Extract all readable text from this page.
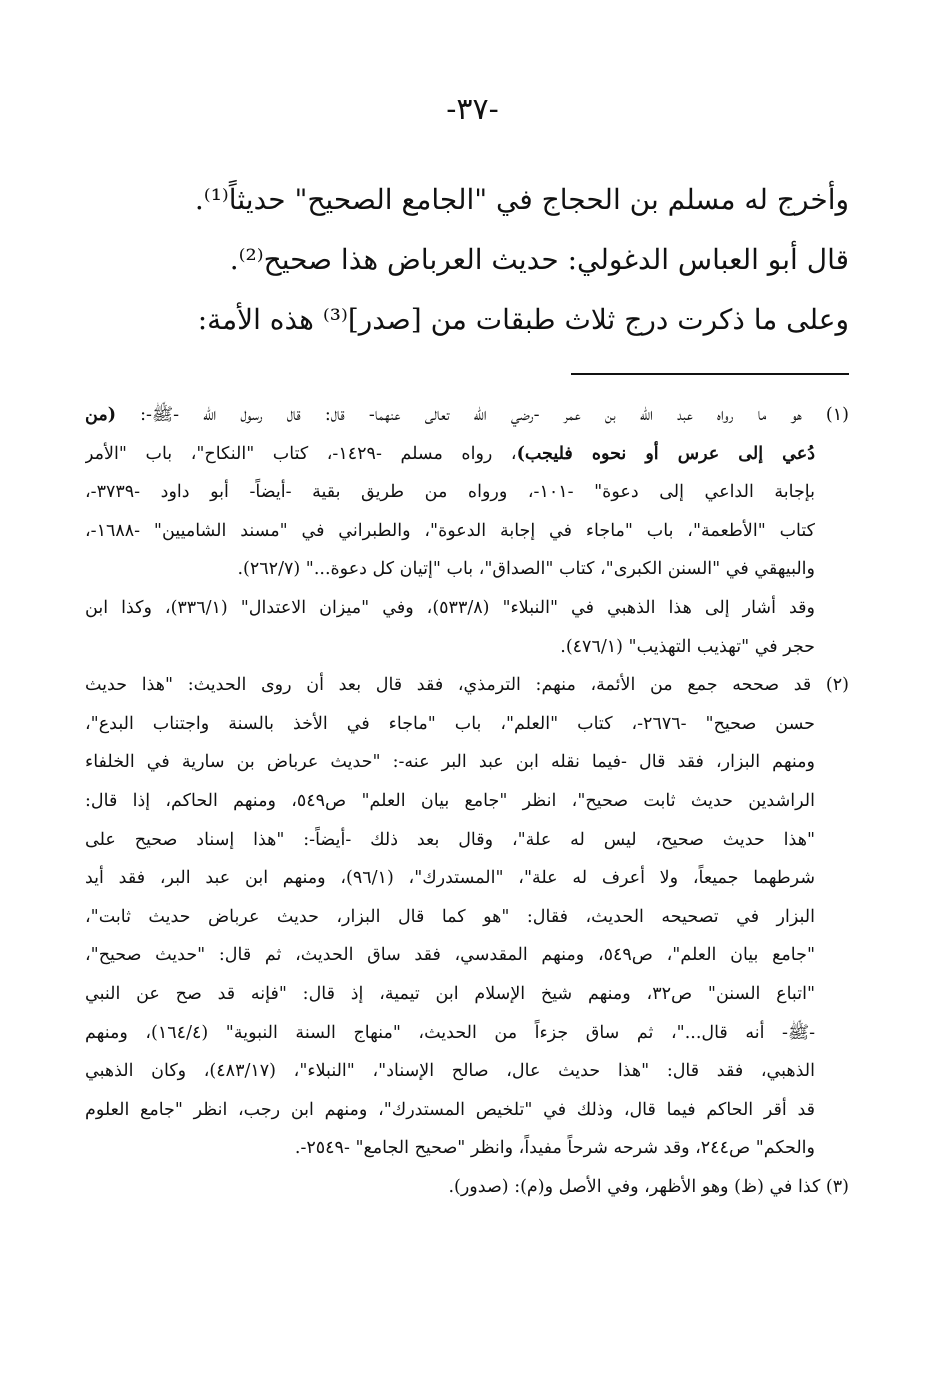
-٣٧-
وأخرج له مسلم بن الحجاج في "الجامع الصحيح" حديثاً⁽¹⁾.
قال أبو العباس الدغولي: حديث العرباض هذا صحيح⁽²⁾.
وعلى ما ذكرت درج ثلاث طبقات من [صدر]⁽³⁾ هذه الأمة:
(١) هو ما رواه عبد الله بن عمر -رضي الله تعالى عنهما- قال: قال رسول الله -ﷺ-: (من
دُعي إلى عرس أو نحوه فليجب)، رواه مسلم -١٤٢٩-، كتاب "النكاح"، باب "الأمر
بإجابة الداعي إلى دعوة" -١٠١-، ورواه من طريق بقية -أيضاً- أبو داود -٣٧٣٩-،
كتاب "الأطعمة"، باب "ماجاء في إجابة الدعوة"، والطبراني في "مسند الشاميين" -١٦٨٨-،
والبيهقي في "السنن الكبرى"، كتاب "الصداق"، باب "إتيان كل دعوة..." (٢٦٢/٧).
وقد أشار إلى هذا الذهبي في "النبلاء" (٥٣٣/٨)، وفي "ميزان الاعتدال" (٣٣٦/١)، وكذا ابن
حجر في "تهذيب التهذيب" (٤٧٦/١).
(٢) قد صححه جمع من الأئمة، منهم: الترمذي، فقد قال بعد أن روى الحديث: "هذا حديث
حسن صحيح" -٢٦٧٦-، كتاب "العلم"، باب "ماجاء في الأخذ بالسنة واجتناب البدع"،
ومنهم البزار، فقد قال -فيما نقله ابن عبد البر عنه-: "حديث عرباض بن سارية في الخلفاء
الراشدين حديث ثابت صحيح"، انظر "جامع بيان العلم" ص٥٤٩، ومنهم الحاكم، إذا قال:
"هذا حديث صحيح، ليس له علة"، وقال بعد ذلك -أيضاً-: "هذا إسناد صحيح على
شرطهما جميعاً، ولا أعرف له علة"، "المستدرك"، (٩٦/١)، ومنهم ابن عبد البر، فقد أيد
البزار في تصحيحه الحديث، فقال: "هو كما قال البزار، حديث عرباض حديث ثابت"،
"جامع بيان العلم"، ص٥٤٩، ومنهم المقدسي، فقد ساق الحديث، ثم قال: "حديث صحيح"،
"اتباع السنن" ص٣٢، ومنهم شيخ الإسلام ابن تيمية، إذ قال: "فإنه قد صح عن النبي
-ﷺ- أنه قال..."، ثم ساق جزءاً من الحديث، "منهاج السنة النبوية" (١٦٤/٤)، ومنهم
الذهبي، فقد قال: "هذا حديث عال، صالح الإسناد"، "النبلاء"، (٤٨٣/١٧)، وكان الذهبي
قد أقر الحاكم فيما قال، وذلك في "تلخيص المستدرك"، ومنهم ابن رجب، انظر "جامع العلوم
والحكم" ص٢٤٤، وقد شرحه شرحاً مفيداً، وانظر "صحيح الجامع" -٢٥٤٩-.
(٣) كذا في (ظ) وهو الأظهر، وفي الأصل و(م): (صدور).
